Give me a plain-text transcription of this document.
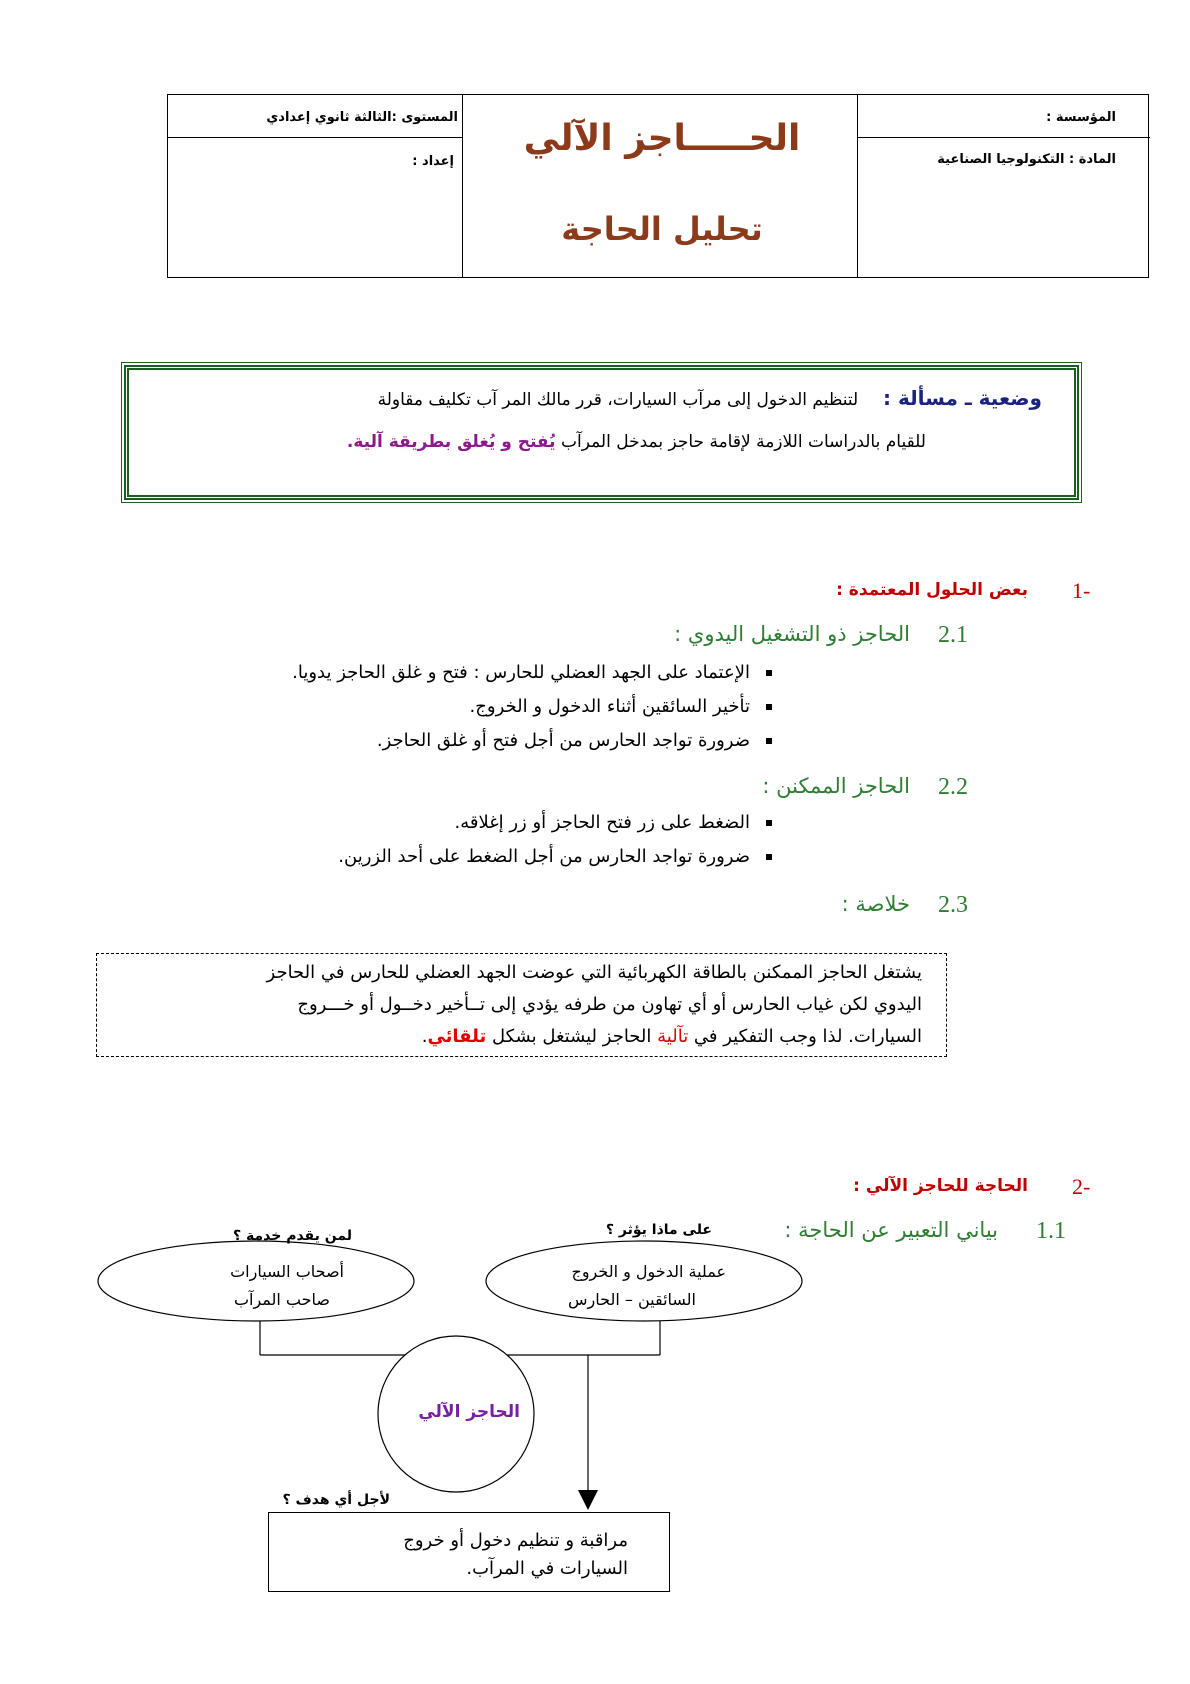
المؤسسة :
المادة : التكنولوجيا الصناعية
المستوى :الثالثة ثانوي إعدادي
إعداد :
الحـــــاجز الآلي
تحليل الحاجة
وضعية ـ مسألة :  لتنظيم الدخول إلى مرآب السيارات، قرر مالك المر آب تكليف مقاولة
للقيام بالدراسات اللازمة لإقامة حاجز بمدخل المرآب يُفتح و يُغلق بطريقة آلية.
1-
بعض الحلول المعتمدة :
2.1
الحاجز ذو التشغيل اليدوي :
الإعتماد على الجهد العضلي للحارس : فتح و غلق الحاجز يدويا.
تأخير السائقين أثناء الدخول و الخروج.
ضرورة تواجد الحارس من أجل فتح أو غلق الحاجز.
2.2
الحاجز الممكنن :
الضغط على زر فتح الحاجز أو زر إغلاقه.
ضرورة تواجد الحارس من أجل الضغط على أحد الزرين.
2.3
خلاصة :
يشتغل الحاجز الممكنن بالطاقة الكهربائية التي عوضت الجهد العضلي للحارس في الحاجز
اليدوي لكن غياب الحارس أو أي تهاون من طرفه يؤدي إلى تــأخير دخــول أو خـــروج
السيارات. لذا وجب التفكير في تآلية الحاجز ليشتغل بشكل تلقائي.
2-
الحاجة للحاجز الآلي :
1.1
بياني التعبير عن الحاجة :
لمن يقدم خدمة ؟	على ماذا يؤثر ؟
لأجل أي هدف ؟
أصحاب السيارات
صاحب المرآب
عملية الدخول و الخروج
السائقين – الحارس
الحاجز الآلي
مراقبة و تنظيم دخول أو خروج
السيارات في المرآب.
